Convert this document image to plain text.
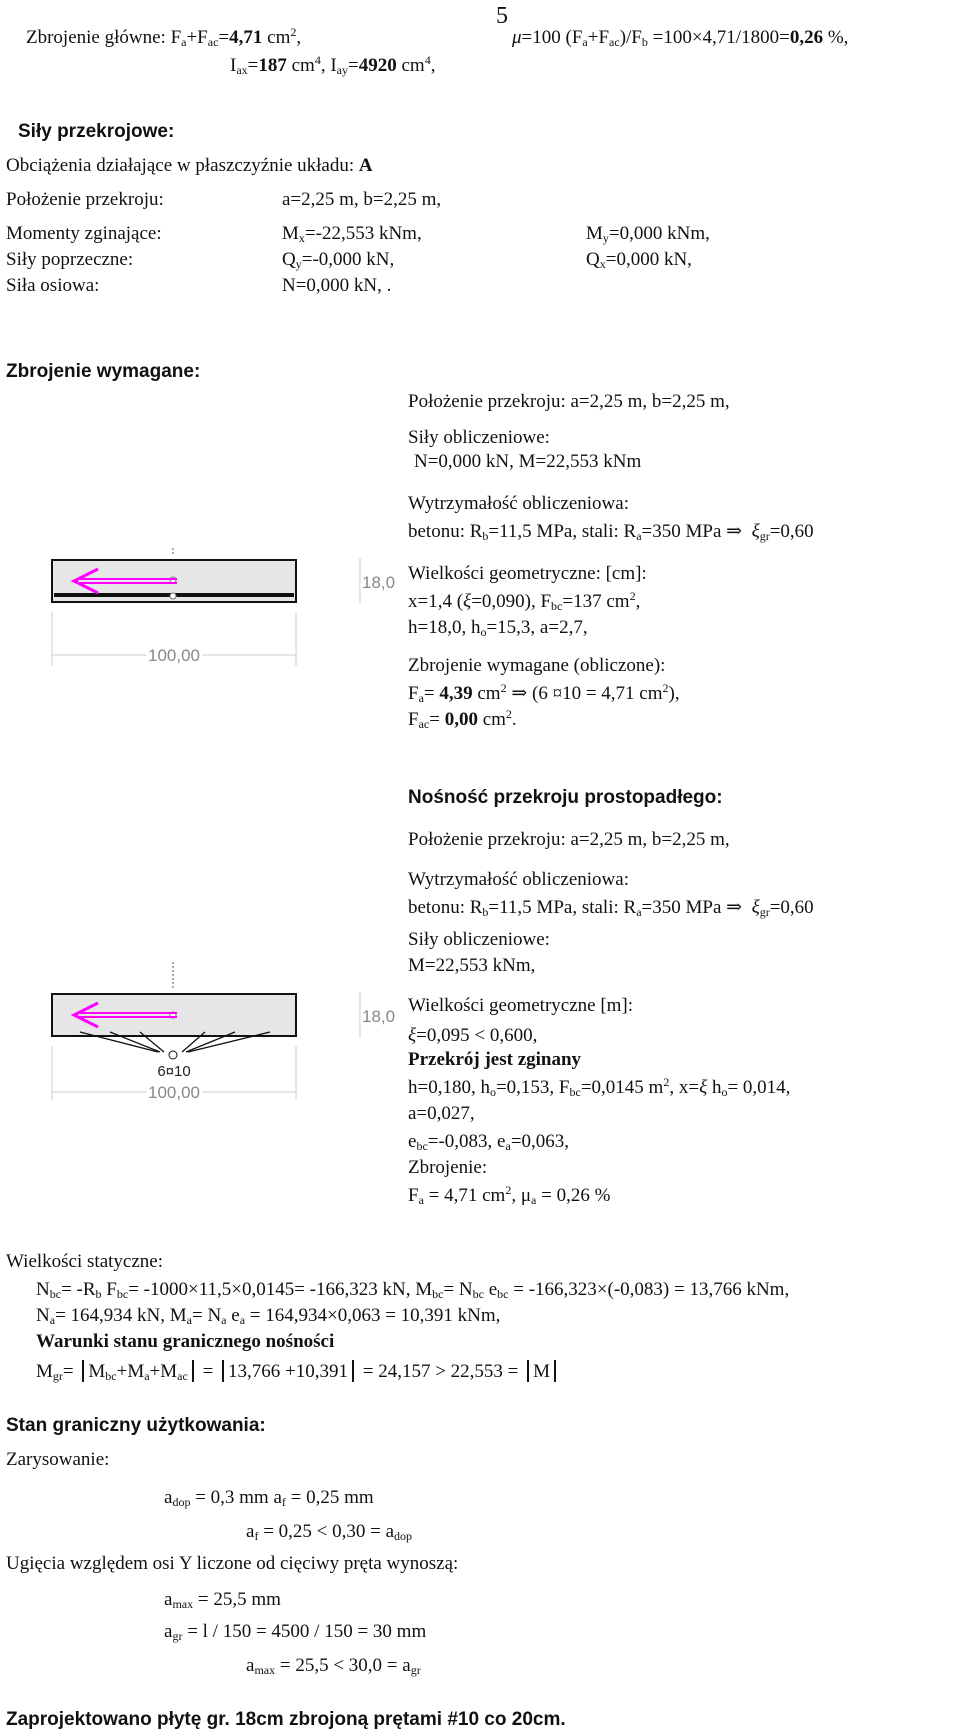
5
Zbrojenie główne: $F_a+F_{ac}=4,71$ $cm^2$,	μ=100 $(F_a+F_{ac})/F_b =100\times 4,71/1800=0,26$ %,
$I_{ax}=187$ $cm^4$, $I_{ay}=4920$ $cm^4$,
Siły przekrojowe:
Obciążenia działające w płaszczyźnie układu: A
Położenie przekroju:	a=2,25 m, b=2,25 m,
Momenty zginające:	$M_x=-22,553$ kNm,	$M_y=0,000$ kNm,
Siły poprzeczne:	$Q_y=-0,000$ kN,	$Q_x=0,000$ kN,
Siła osiowa:	N=0,000 kN, .
Zbrojenie wymagane:
100,00
18,0
Położenie przekroju: a=2,25 m, b=2,25 m,
Siły obliczeniowe:
N=0,000 kN, M=22,553 kNm
Wytrzymałość obliczeniowa:
betonu: $R_b=11,5$ MPa, stali: $R_a=350$ MPa ⇒ $\xi_{gr}=0,60$
Wielkości geometryczne: [cm]:
x=1,4 (ξ=0,090), $F_{bc}=137$ $cm^2$,
h=18,0, $h_o=15,3$, a=2,7,
Zbrojenie wymagane (obliczone):
$F_a= 4,39$ $cm^2$ ⇒ (6 ¤10 = 4,71 $cm^2$),
$F_{ac}= 0,00$ $cm^2$.
Nośność przekroju prostopadłego:
Położenie przekroju: a=2,25 m, b=2,25 m,
Wytrzymałość obliczeniowa:
betonu: $R_b=11,5$ MPa, stali: $R_a=350$ MPa ⇒ $\xi_{gr}=0,60$
Siły obliczeniowe:
M=22,553 kNm,
6¤10
100,00
18,0
Wielkości geometryczne [m]:
ξ=0,095 < 0,600,
Przekrój jest zginany
h=0,180, $h_o=0,153$, $F_{bc}=0,0145$ $m^2$, x=ξ $h_o= 0,014$,
a=0,027,
$e_{bc}=-0,083$, $e_a=0,063$,
Zbrojenie:
$F_a = 4,71$ $cm^2$, $\mu_a = 0,26$ %
Wielkości statyczne:
$N_{bc}= -R_b$ $F_{bc}= -1000\times 11,5\times 0,0145= -166,323$ kN, $M_{bc}= N_{bc}$ $e_{bc} = -166,323\times(-0,083) = 13,766$ kNm,
$N_a= 164,934$ kN, $M_a= N_a$ $e_a = 164,934\times 0,063 = 10,391$ kNm,
Warunki stanu granicznego nośności
$M_{gr}= M_{bc}+M_a+M_{ac} = 13,766 +10,391 = 24,157 > 22,553 = M$
Stan graniczny użytkowania:
Zarysowanie:
$a_{dop} = 0,3$ mm $a_f = 0,25$ mm
$a_f = 0,25 < 0,30 = a_{dop}$
Ugięcia względem osi Y liczone od cięciwy pręta wynoszą:
$a_{max} = 25,5$ mm
$a_{gr} = l / 150 = 4500 / 150 = 30$ mm
$a_{max} = 25,5 < 30,0 = a_{gr}$
Zaprojektowano płytę gr. 18cm zbrojoną prętami #10 co 20cm.
